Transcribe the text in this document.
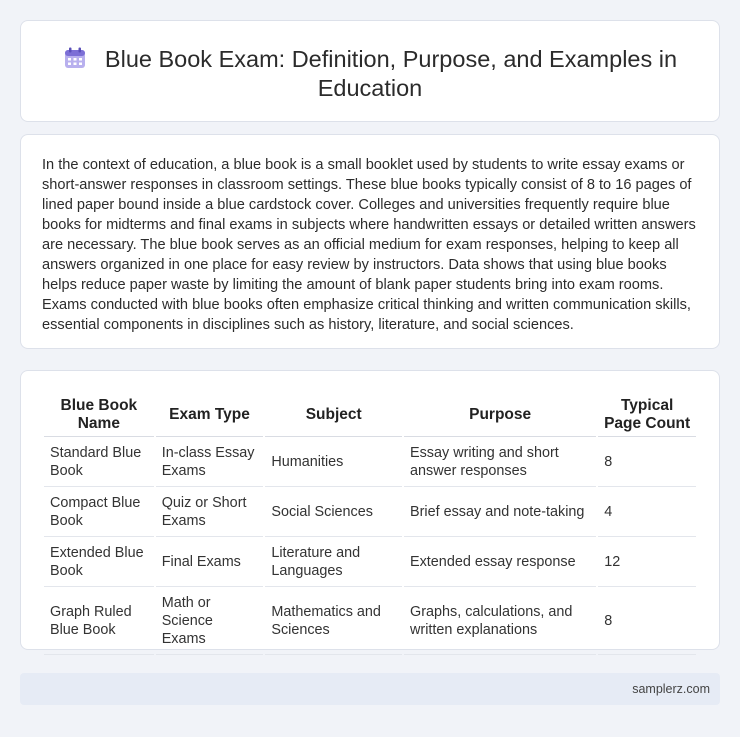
Blue Book Exam: Definition, Purpose, and Examples in Education

In the context of education, a blue book is a small booklet used by students to write essay exams or short-answer responses in classroom settings. These blue books typically consist of 8 to 16 pages of lined paper bound inside a blue cardstock cover. Colleges and universities frequently require blue books for midterms and final exams in subjects where handwritten essays or detailed written answers are necessary. The blue book serves as an official medium for exam responses, helping to keep all answers organized in one place for easy review by instructors. Data shows that using blue books helps reduce paper waste by limiting the amount of blank paper students bring into exam rooms. Exams conducted with blue books often emphasize critical thinking and written communication skills, essential components in disciplines such as history, literature, and social sciences.

Blue Book Name	Exam Type	Subject	Purpose	Typical Page Count
Standard Blue Book	In-class Essay Exams	Humanities	Essay writing and short answer responses	8
Compact Blue Book	Quiz or Short Exams	Social Sciences	Brief essay and note-taking	4
Extended Blue Book	Final Exams	Literature and Languages	Extended essay response	12
Graph Ruled Blue Book	Math or Science Exams	Mathematics and Sciences	Graphs, calculations, and written explanations	8
samplerz.com
